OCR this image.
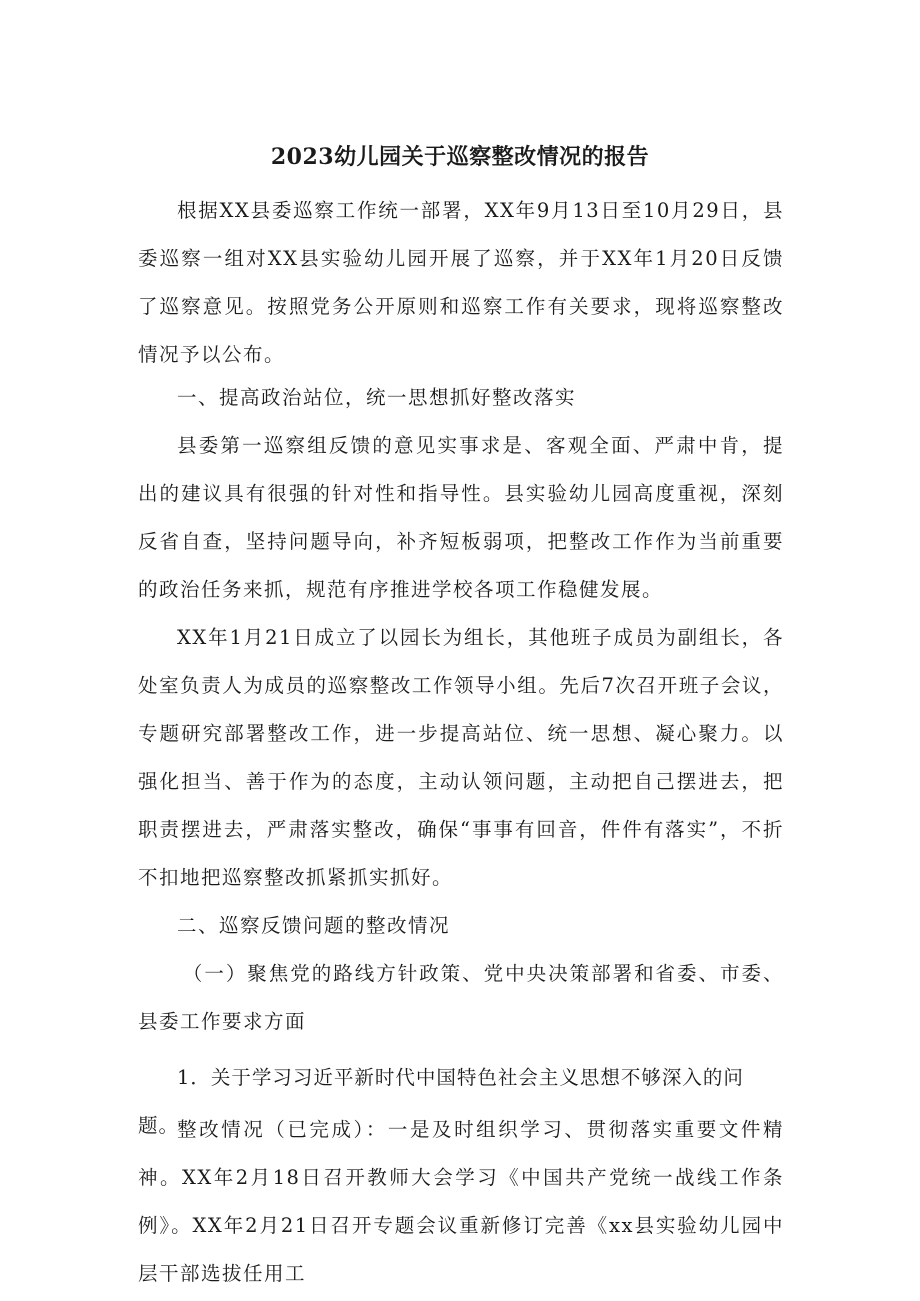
2023幼儿园关于巡察整改情况的报告

根据XX县委巡察工作统一部署，XX年9月13日至10月29日，县委巡察一组对XX县实验幼儿园开展了巡察，并于XX年1月20日反馈了巡察意见。按照党务公开原则和巡察工作有关要求，现将巡察整改情况予以公布。

一、提高政治站位，统一思想抓好整改落实

县委第一巡察组反馈的意见实事求是、客观全面、严肃中肯，提出的建议具有很强的针对性和指导性。县实验幼儿园高度重视，深刻反省自查，坚持问题导向，补齐短板弱项，把整改工作作为当前重要的政治任务来抓，规范有序推进学校各项工作稳健发展。

XX年1月21日成立了以园长为组长，其他班子成员为副组长，各处室负责人为成员的巡察整改工作领导小组。先后7次召开班子会议，专题研究部署整改工作，进一步提高站位、统一思想、凝心聚力。以强化担当、善于作为的态度，主动认领问题，主动把自己摆进去，把职责摆进去，严肃落实整改，确保“事事有回音，件件有落实”，不折不扣地把巡察整改抓紧抓实抓好。

二、巡察反馈问题的整改情况

（一）聚焦党的路线方针政策、党中央决策部署和省委、市委、县委工作要求方面

1．关于学习习近平新时代中国特色社会主义思想不够深入的问题。

整改情况（已完成）：一是及时组织学习、贯彻落实重要文件精神。XX年2月18日召开教师大会学习《中国共产党统一战线工作条例》。XX年2月21日召开专题会议重新修订完善《xx县实验幼儿园中层干部选拔任用工
